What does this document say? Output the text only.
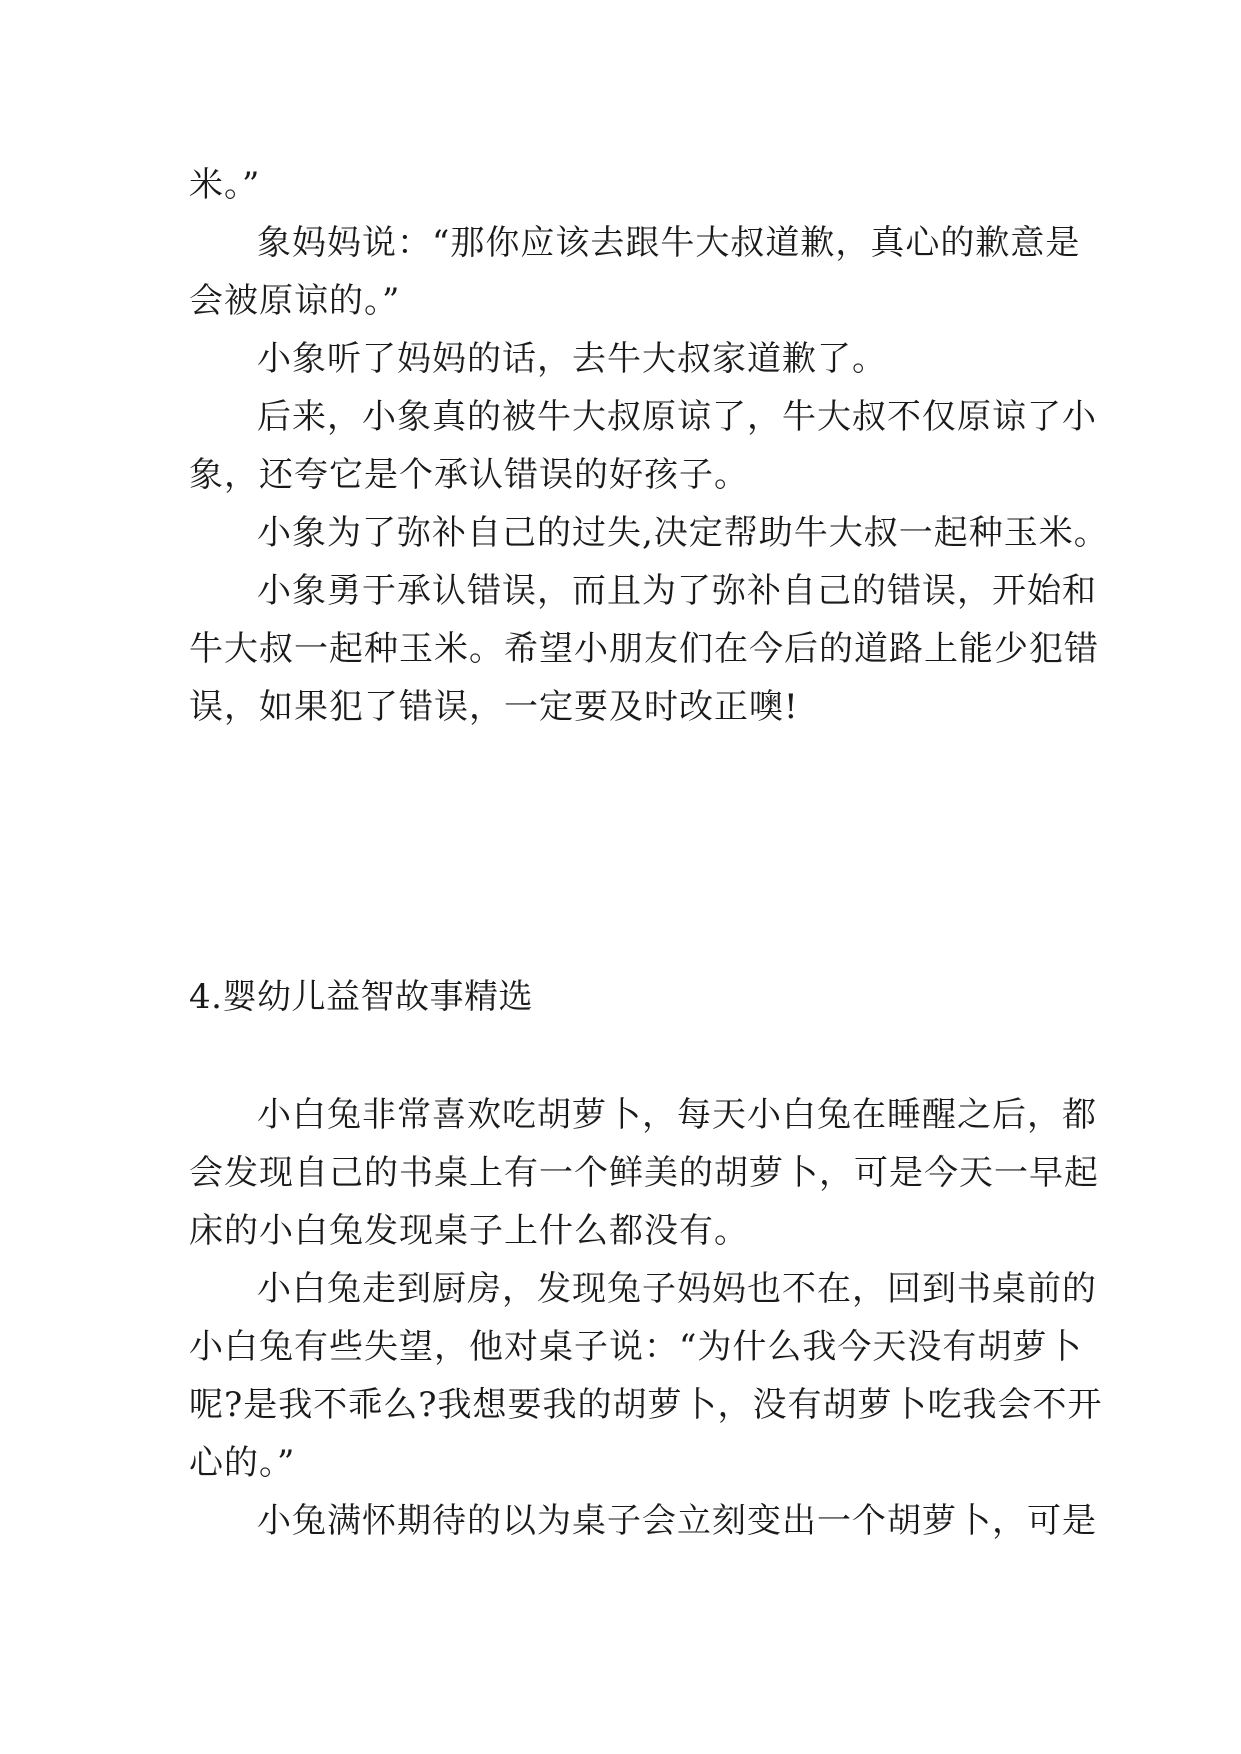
米。”
象妈妈说：“那你应该去跟牛大叔道歉，真心的歉意是
会被原谅的。”
小象听了妈妈的话，去牛大叔家道歉了。
后来，小象真的被牛大叔原谅了，牛大叔不仅原谅了小
象，还夸它是个承认错误的好孩子。
小象为了弥补自己的过失,决定帮助牛大叔一起种玉米。
小象勇于承认错误，而且为了弥补自己的错误，开始和
牛大叔一起种玉米。希望小朋友们在今后的道路上能少犯错
误，如果犯了错误，一定要及时改正噢!
4.婴幼儿益智故事精选
小白兔非常喜欢吃胡萝卜，每天小白兔在睡醒之后，都
会发现自己的书桌上有一个鲜美的胡萝卜，可是今天一早起
床的小白兔发现桌子上什么都没有。
小白兔走到厨房，发现兔子妈妈也不在，回到书桌前的
小白兔有些失望，他对桌子说：“为什么我今天没有胡萝卜
呢?是我不乖么?我想要我的胡萝卜，没有胡萝卜吃我会不开
心的。”
小兔满怀期待的以为桌子会立刻变出一个胡萝卜，可是
